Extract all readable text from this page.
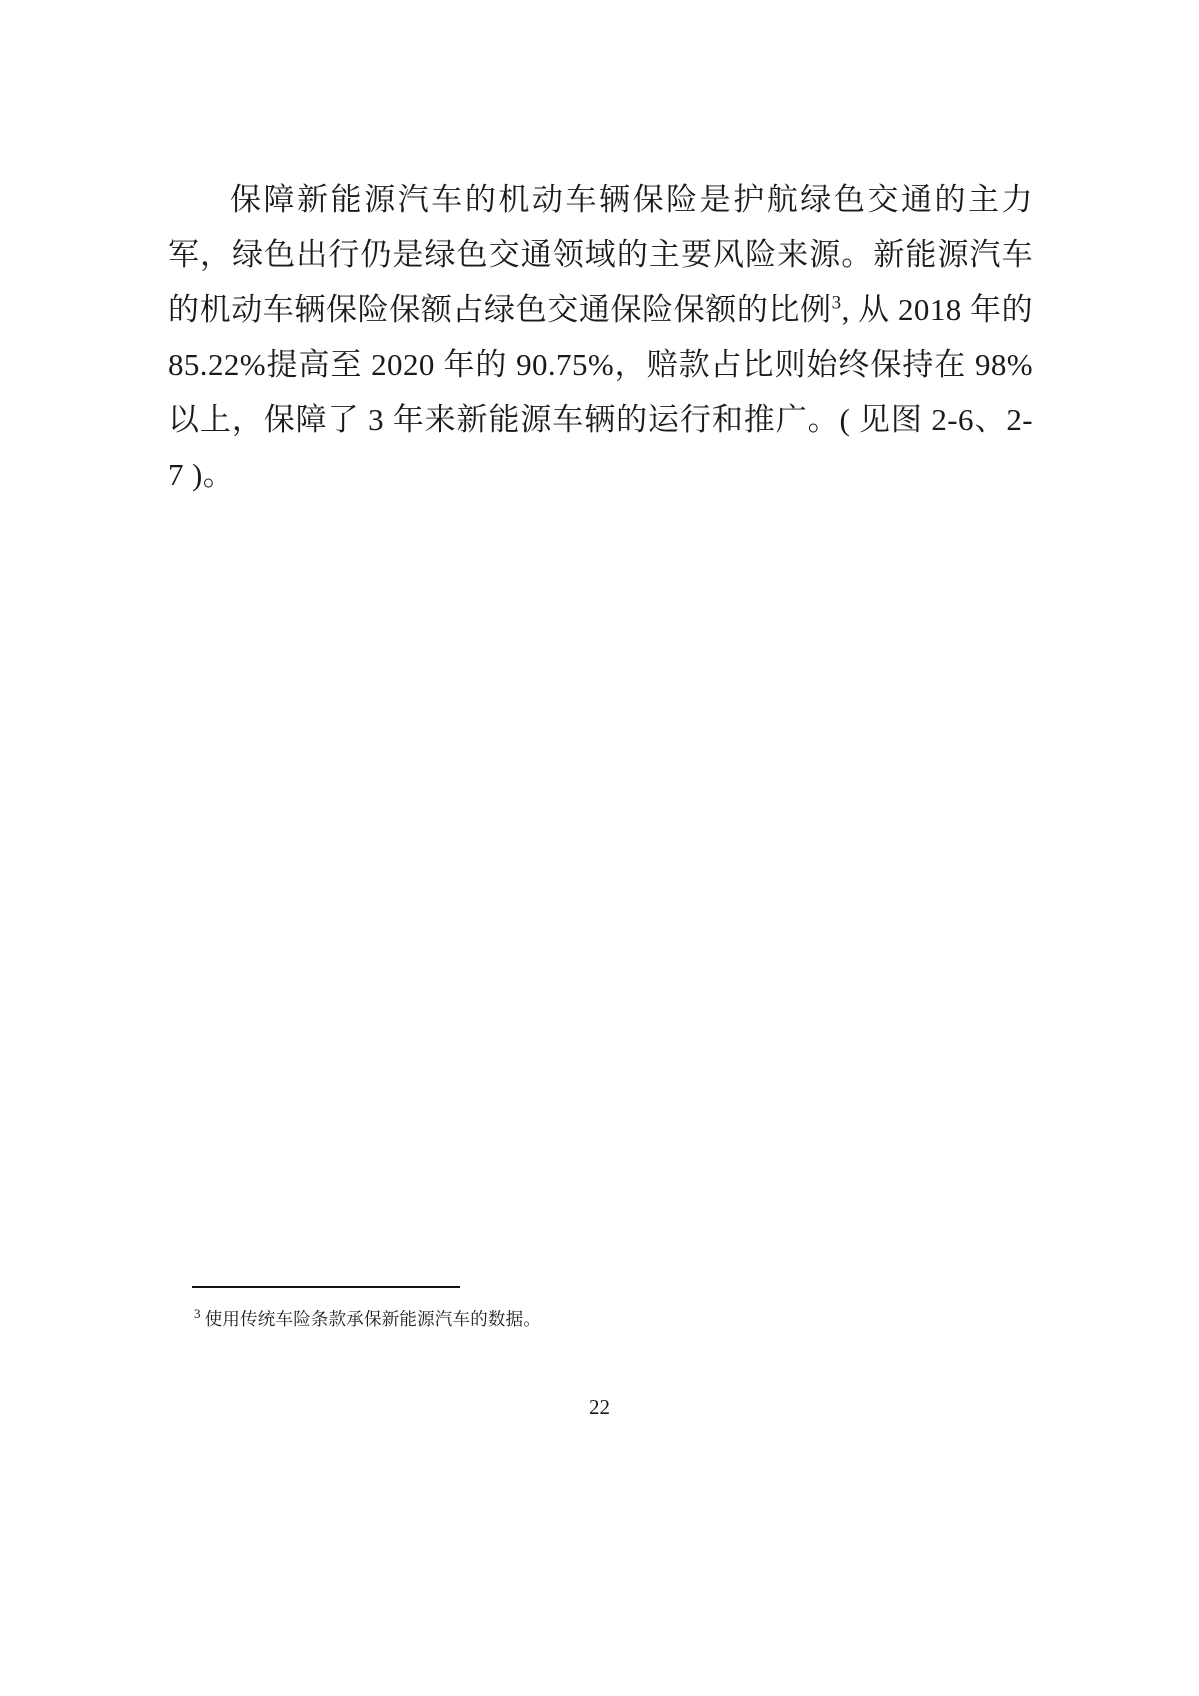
保障新能源汽车的机动车辆保险是护航绿色交通的主力军，绿色出行仍是绿色交通领域的主要风险来源。新能源汽车的机动车辆保险保额占绿色交通保险保额的比例$^3$, 从 2018 年的 85.22%提高至 2020 年的 90.75%，赔款占比则始终保持在 98%以上，保障了 3 年来新能源车辆的运行和推广。( 见图 2-6、2-7 )。

$^3$ 使用传统车险条款承保新能源汽车的数据。

22
